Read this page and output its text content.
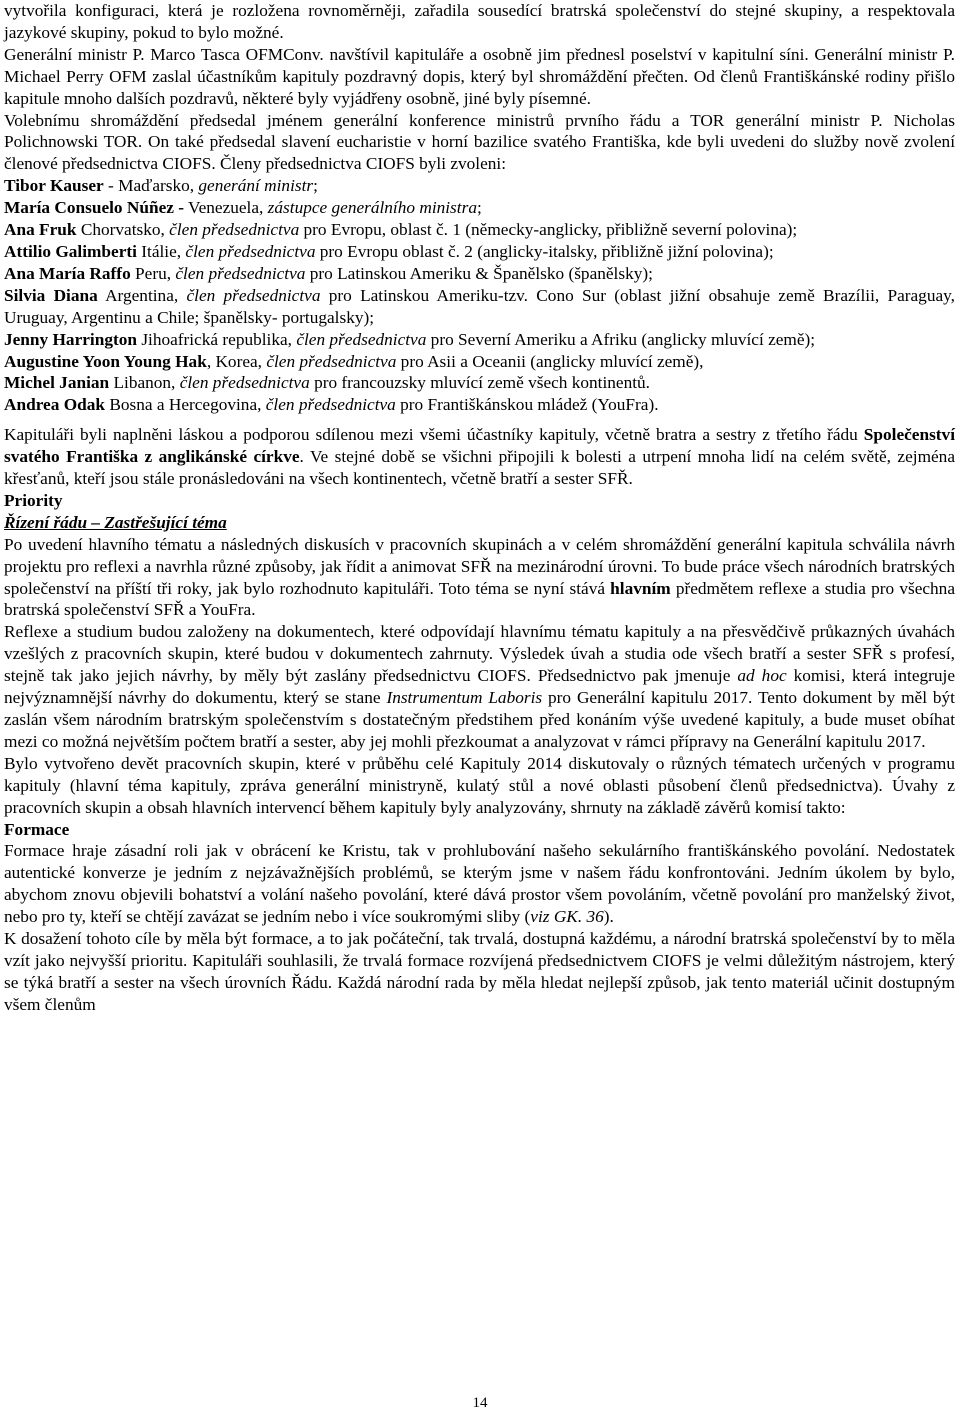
vytvořila konfiguraci, která je rozložena rovnoměrněji, zařadila sousedící bratrská společenství do stejné skupiny, a respektovala jazykové skupiny, pokud to bylo možné.

Generální ministr P. Marco Tasca OFMConv. navštívil kapituláře a osobně jim přednesl poselství v kapitulní síni. Generální ministr P. Michael Perry OFM zaslal účastníkům kapituly pozdravný dopis, který byl shromáždění přečten. Od členů Františkánské rodiny přišlo kapitule mnoho dalších pozdravů, některé byly vyjádřeny osobně, jiné byly písemné.

Volebnímu shromáždění předsedal jménem generální konference ministrů prvního řádu a TOR generální ministr P. Nicholas Polichnowski TOR. On také předsedal slavení eucharistie v horní bazilice svatého Františka, kde byli uvedeni do služby nově zvolení členové předsednictva CIOFS. Členy předsednictva CIOFS byli zvoleni:

Tibor Kauser - Maďarsko, generání ministr;

María Consuelo Núñez - Venezuela, zástupce generálního ministra;

Ana Fruk Chorvatsko, člen předsednictva pro Evropu, oblast č. 1 (německy-anglicky, přibližně severní polovina);

Attilio Galimberti Itálie, člen předsednictva pro Evropu oblast č. 2 (anglicky-italsky, přibližně jižní polovina);

Ana María Raffo Peru, člen předsednictva pro Latinskou Ameriku & Španělsko (španělsky);

Silvia Diana Argentina, člen předsednictva pro Latinskou Ameriku-tzv. Cono Sur (oblast jižní obsahuje země Brazílii, Paraguay, Uruguay, Argentinu a Chile; španělsky- portugalsky);

Jenny Harrington Jihoafrická republika, člen předsednictva pro Severní Ameriku a Afriku (anglicky mluvící země);

Augustine Yoon Young Hak, Korea, člen předsednictva pro Asii a Oceanii (anglicky mluvící země),

Michel Janian Libanon, člen předsednictva pro francouzsky mluvící země všech kontinentů.

Andrea Odak Bosna a Hercegovina, člen předsednictva pro Františkánskou mládež (YouFra).

Kapituláři byli naplněni láskou a podporou sdílenou mezi všemi účastníky kapituly, včetně bratra a sestry z třetího řádu Společenství svatého Františka z anglikánské církve. Ve stejné době se všichni připojili k bolesti a utrpení mnoha lidí na celém světě, zejména křesťanů, kteří jsou stále pronásledováni na všech kontinentech, včetně bratří a sester SFŘ.

Priority

Řízení řádu – Zastřešující téma

Po uvedení hlavního tématu a následných diskusích v pracovních skupinách a v celém shromáždění generální kapitula schválila návrh projektu pro reflexi a navrhla různé způsoby, jak řídit a animovat SFŘ na mezinárodní úrovni. To bude práce všech národních bratrských společenství na příští tři roky, jak bylo rozhodnuto kapituláři. Toto téma se nyní stává hlavním předmětem reflexe a studia pro všechna bratrská společenství SFŘ a YouFra.

Reflexe a studium budou založeny na dokumentech, které odpovídají hlavnímu tématu kapituly a na přesvědčivě průkazných úvahách vzešlých z pracovních skupin, které budou v dokumentech zahrnuty. Výsledek úvah a studia ode všech bratří a sester SFŘ s profesí, stejně tak jako jejich návrhy, by měly být zaslány předsednictvu CIOFS. Předsednictvo pak jmenuje ad hoc komisi, která integruje nejvýznamnější návrhy do dokumentu, který se stane Instrumentum Laboris pro Generální kapitulu 2017. Tento dokument by měl být zaslán všem národním bratrským společenstvím s dostatečným předstihem před konáním výše uvedené kapituly, a bude muset obíhat mezi co možná největším počtem bratří a sester, aby jej mohli přezkoumat a analyzovat v rámci přípravy na Generální kapitulu 2017.

Bylo vytvořeno devět pracovních skupin, které v průběhu celé Kapituly 2014 diskutovaly o různých tématech určených v programu kapituly (hlavní téma kapituly, zpráva generální ministryně, kulatý stůl a nové oblasti působení členů předsednictva). Úvahy z pracovních skupin a obsah hlavních intervencí během kapituly byly analyzovány, shrnuty na základě závěrů komisí takto:

Formace

Formace hraje zásadní roli jak v obrácení ke Kristu, tak v prohlubování našeho sekulárního františkánského povolání. Nedostatek autentické konverze je jedním z nejzávažnějších problémů, se kterým jsme v našem řádu konfrontováni. Jedním úkolem by bylo, abychom znovu objevili bohatství a volání našeho povolání, které dává prostor všem povoláním, včetně povolání pro manželský život, nebo pro ty, kteří se chtějí zavázat se jedním nebo i více soukromými sliby (viz GK. 36).

K dosažení tohoto cíle by měla být formace, a to jak počáteční, tak trvalá, dostupná každému, a národní bratrská společenství by to měla vzít jako nejvyšší prioritu. Kapituláři souhlasili, že trvalá formace rozvíjená předsednictvem CIOFS je velmi důležitým nástrojem, který se týká bratří a sester na všech úrovních Řádu. Každá národní rada by měla hledat nejlepší způsob, jak tento materiál učinit dostupným všem členům

14
